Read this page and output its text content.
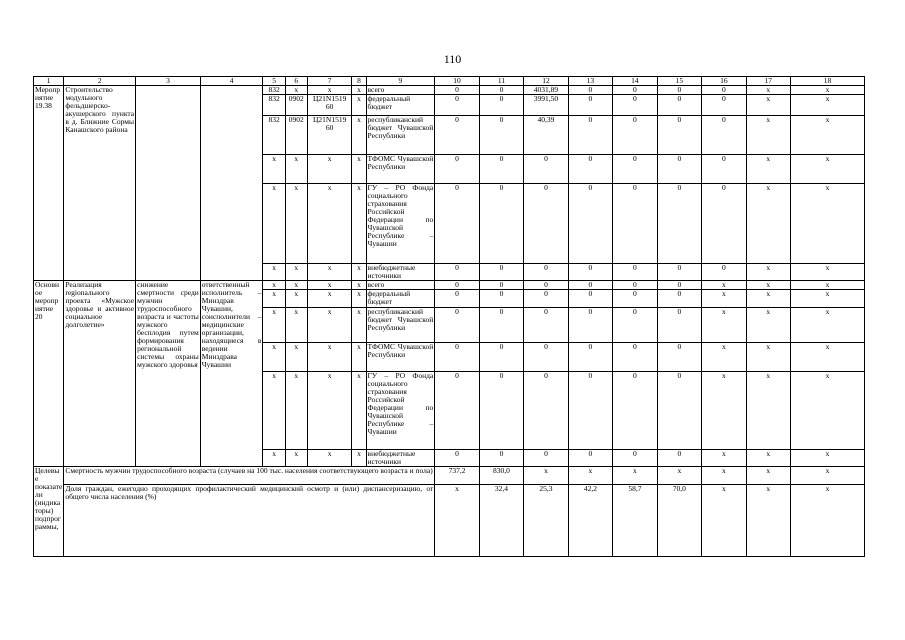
110
1	2	3	4	5	6	7	8	9	10	11	12	13	14	15	16	17	18
Мероприятие 19.38	Строительство модульного фельдшерско-акушерского пункта в д. Ближние Сормы Канашского района			832	x	x	x	всего	0	0	4031,89	0	0	0	0	x	x
				832	0902	Ц21N1519 60	x	федеральный бюджет	0	0	3991,50	0	0	0	0	x	x
				832	0902	Ц21N1519 60	x	республиканский бюджет Чувашской Республики	0	0	40,39	0	0	0	0	x	x
				x	x	x	x	ТФОМС Чувашской Республики	0	0	0	0	0	0	0	x	x
				x	x	x	x	ГУ – РО Фонда социального страхования Российской Федерации по Чувашской Республике – Чувашии	0	0	0	0	0	0	0	x	x
				x	x	x	x	внебюджетные источники	0	0	0	0	0	0	0	x	x
Основное мероприятие 20	Реализация regionального проекта «Мужское здоровье и активное социальное долголетие»	снижение смертности среди мужчин трудоспособного возраста и частоты мужского бесплодия путем формирования региональной системы охраны мужского здоровья	ответственный исполнитель – Минздрав Чувашии, соисполнители – медицинские организации, находящиеся в ведении Минздрава Чувашии	x	x	x	x	всего	0	0	0	0	0	0	x	x	x
				x	x	x	x	федеральный бюджет	0	0	0	0	0	0	x	x	x
				x	x	x	x	республиканский бюджет Чувашской Республики	0	0	0	0	0	0	x	x	x
				x	x	x	x	ТФОМС Чувашской Республики	0	0	0	0	0	0	x	x	x
				x	x	x	x	ГУ – РО Фонда социального страхования Российской Федерации по Чувашской Республике – Чувашии	0	0	0	0	0	0	x	x	x
				x	x	x	x	внебюджетные источники	0	0	0	0	0	0	x	x	x
Целевые показатели (индикаторы) подпрограммы,	Смертность мужчин трудоспособного возраста (случаев на 100 тыс. населения соответствующего возраста и пола)								737,2	830,0	x	x	x	x	x	x	x
	Доля граждан, ежегодно проходящих профилактический медицинский осмотр и (или) диспансеризацию, от общего числа населения (%)								x	32,4	25,3	42,2	58,7	70,0	x	x	x
